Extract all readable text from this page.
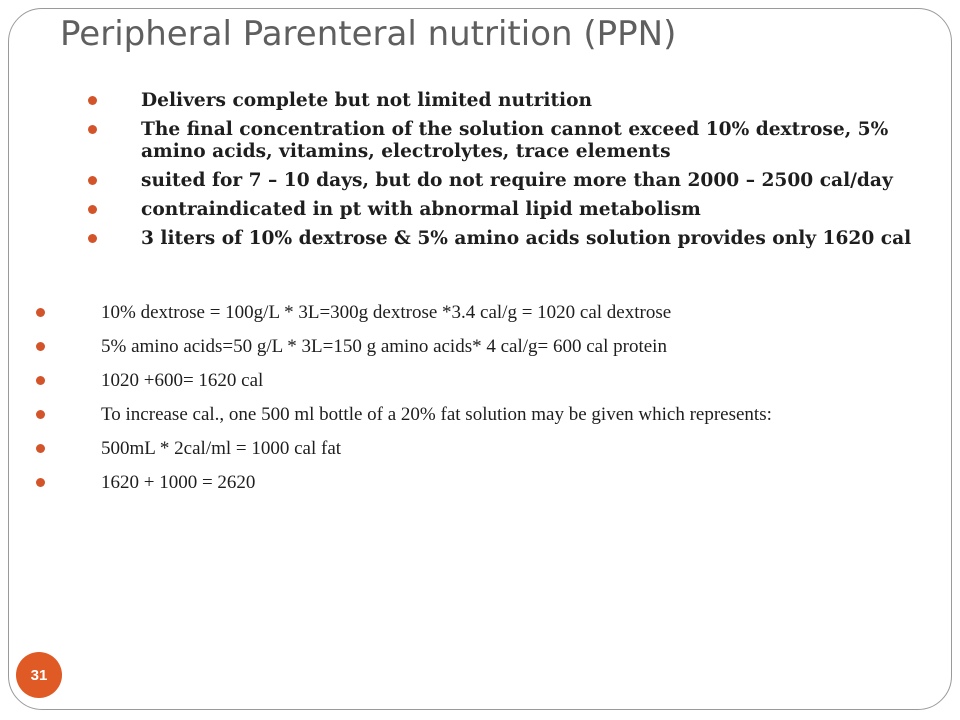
Peripheral Parenteral nutrition (PPN)
Delivers complete but not limited nutrition
The final concentration of the solution cannot exceed 10% dextrose, 5% amino acids, vitamins, electrolytes, trace elements
suited for 7 – 10 days, but do not require more than 2000 – 2500 cal/day
contraindicated in pt with abnormal lipid metabolism
3 liters of 10% dextrose & 5% amino acids solution provides only 1620 cal
10% dextrose = 100g/L * 3L=300g dextrose *3.4 cal/g = 1020 cal dextrose
5% amino acids=50 g/L * 3L=150 g amino acids* 4 cal/g= 600 cal protein
1020 +600= 1620 cal
To increase cal., one 500 ml bottle of a 20% fat solution may be given which represents:
500mL * 2cal/ml = 1000 cal fat
1620 + 1000 = 2620
31
